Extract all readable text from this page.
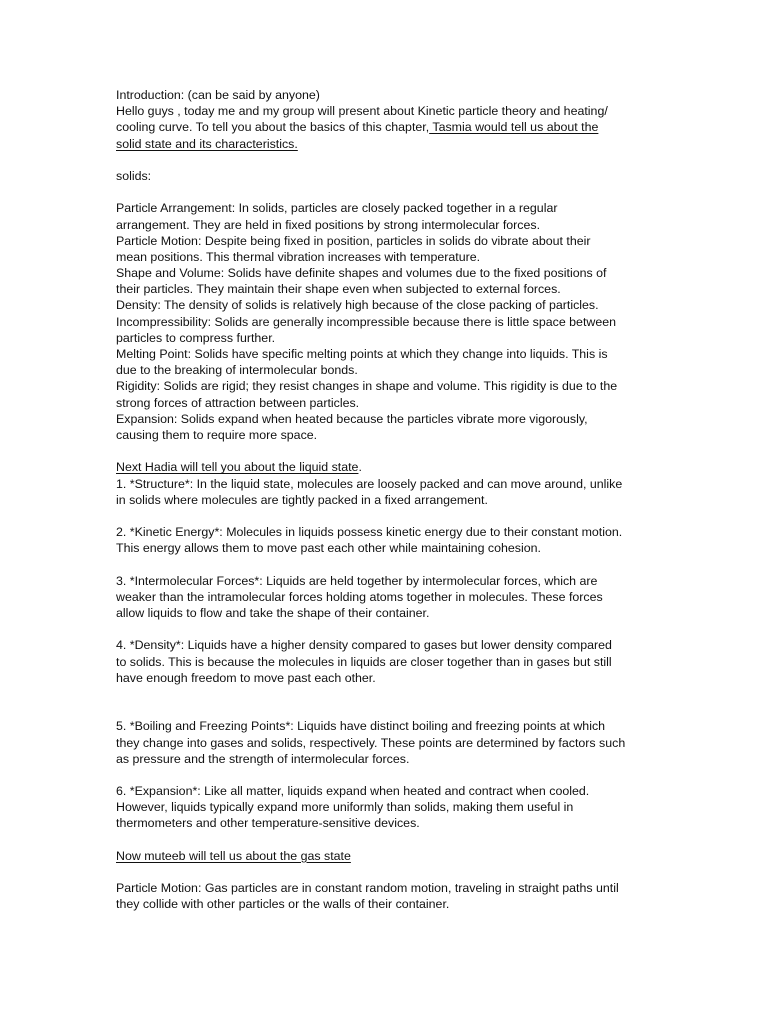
Introduction: (can be said by anyone)
Hello guys , today me and my group will present about Kinetic particle theory and heating/
cooling curve. To tell you about the basics of this chapter, Tasmia would tell us about the
solid state and its characteristics.
solids:
Particle Arrangement: In solids, particles are closely packed together in a regular
arrangement. They are held in fixed positions by strong intermolecular forces.
Particle Motion: Despite being fixed in position, particles in solids do vibrate about their
mean positions. This thermal vibration increases with temperature.
Shape and Volume: Solids have definite shapes and volumes due to the fixed positions of
their particles. They maintain their shape even when subjected to external forces.
Density: The density of solids is relatively high because of the close packing of particles.
Incompressibility: Solids are generally incompressible because there is little space between
particles to compress further.
Melting Point: Solids have specific melting points at which they change into liquids. This is
due to the breaking of intermolecular bonds.
Rigidity: Solids are rigid; they resist changes in shape and volume. This rigidity is due to the
strong forces of attraction between particles.
Expansion: Solids expand when heated because the particles vibrate more vigorously,
causing them to require more space.
Next Hadia will tell you about the liquid state.
1. *Structure*: In the liquid state, molecules are loosely packed and can move around, unlike
in solids where molecules are tightly packed in a fixed arrangement.
2. *Kinetic Energy*: Molecules in liquids possess kinetic energy due to their constant motion.
This energy allows them to move past each other while maintaining cohesion.
3. *Intermolecular Forces*: Liquids are held together by intermolecular forces, which are
weaker than the intramolecular forces holding atoms together in molecules. These forces
allow liquids to flow and take the shape of their container.
4. *Density*: Liquids have a higher density compared to gases but lower density compared
to solids. This is because the molecules in liquids are closer together than in gases but still
have enough freedom to move past each other.
5. *Boiling and Freezing Points*: Liquids have distinct boiling and freezing points at which
they change into gases and solids, respectively. These points are determined by factors such
as pressure and the strength of intermolecular forces.
6. *Expansion*: Like all matter, liquids expand when heated and contract when cooled.
However, liquids typically expand more uniformly than solids, making them useful in
thermometers and other temperature-sensitive devices.
Now muteeb will tell us about the gas state
Particle Motion: Gas particles are in constant random motion, traveling in straight paths until
they collide with other particles or the walls of their container.
